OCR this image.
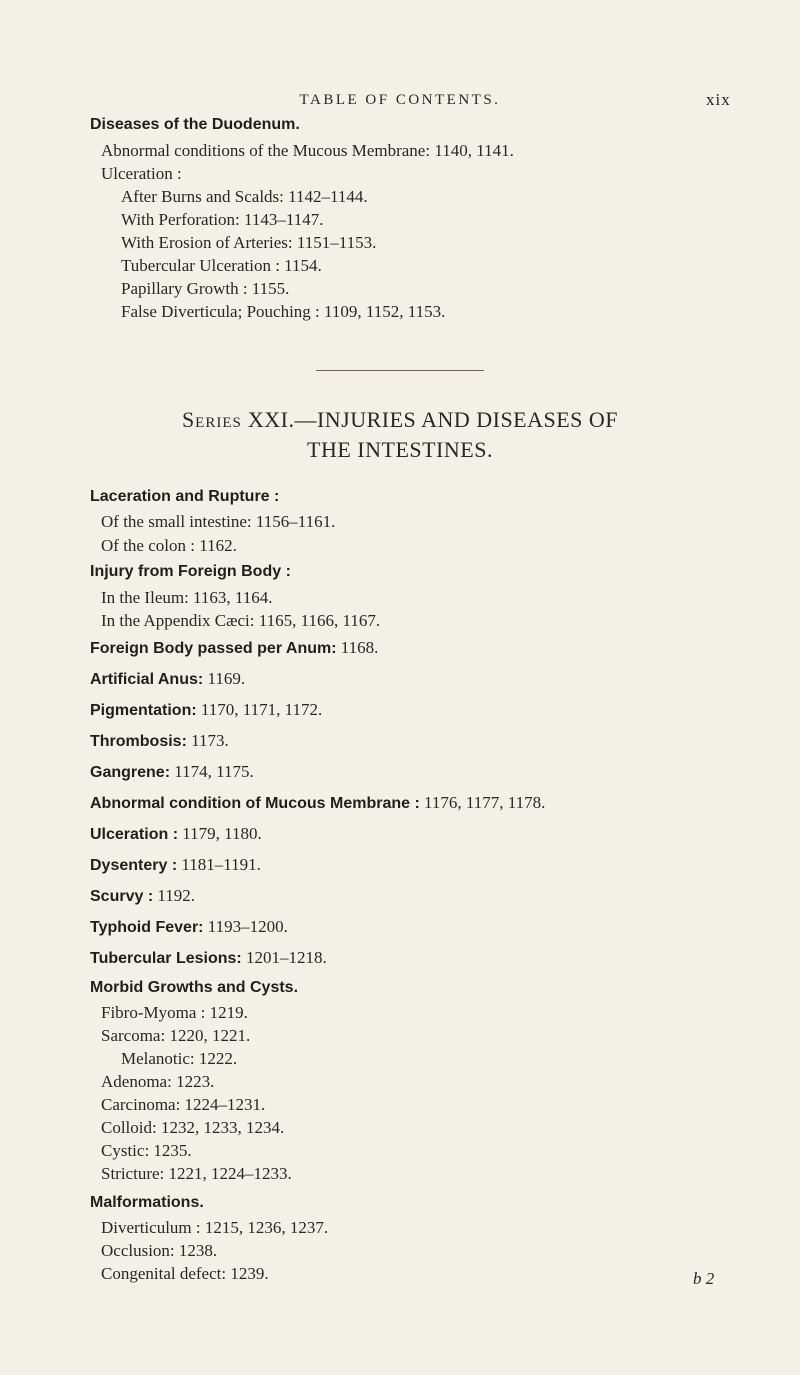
TABLE OF CONTENTS.	xix
Diseases of the Duodenum.
Abnormal conditions of the Mucous Membrane: 1140, 1141.
Ulceration :
After Burns and Scalds: 1142–1144.
With Perforation: 1143–1147.
With Erosion of Arteries: 1151–1153.
Tubercular Ulceration : 1154.
Papillary Growth : 1155.
False Diverticula; Pouching : 1109, 1152, 1153.
Series XXI.—INJURIES AND DISEASES OF
THE INTESTINES.
Laceration and Rupture :
Of the small intestine: 1156–1161.
Of the colon : 1162.
Injury from Foreign Body :
In the Ileum: 1163, 1164.
In the Appendix Cæci: 1165, 1166, 1167.
Foreign Body passed per Anum: 1168.
Artificial Anus: 1169.
Pigmentation: 1170, 1171, 1172.
Thrombosis: 1173.
Gangrene: 1174, 1175.
Abnormal condition of Mucous Membrane : 1176, 1177, 1178.
Ulceration : 1179, 1180.
Dysentery : 1181–1191.
Scurvy : 1192.
Typhoid Fever: 1193–1200.
Tubercular Lesions: 1201–1218.
Morbid Growths and Cysts.
Fibro-Myoma : 1219.
Sarcoma: 1220, 1221.
Melanotic: 1222.
Adenoma: 1223.
Carcinoma: 1224–1231.
Colloid: 1232, 1233, 1234.
Cystic: 1235.
Stricture: 1221, 1224–1233.
Malformations.
Diverticulum : 1215, 1236, 1237.
Occlusion: 1238.
Congenital defect: 1239.	b 2
